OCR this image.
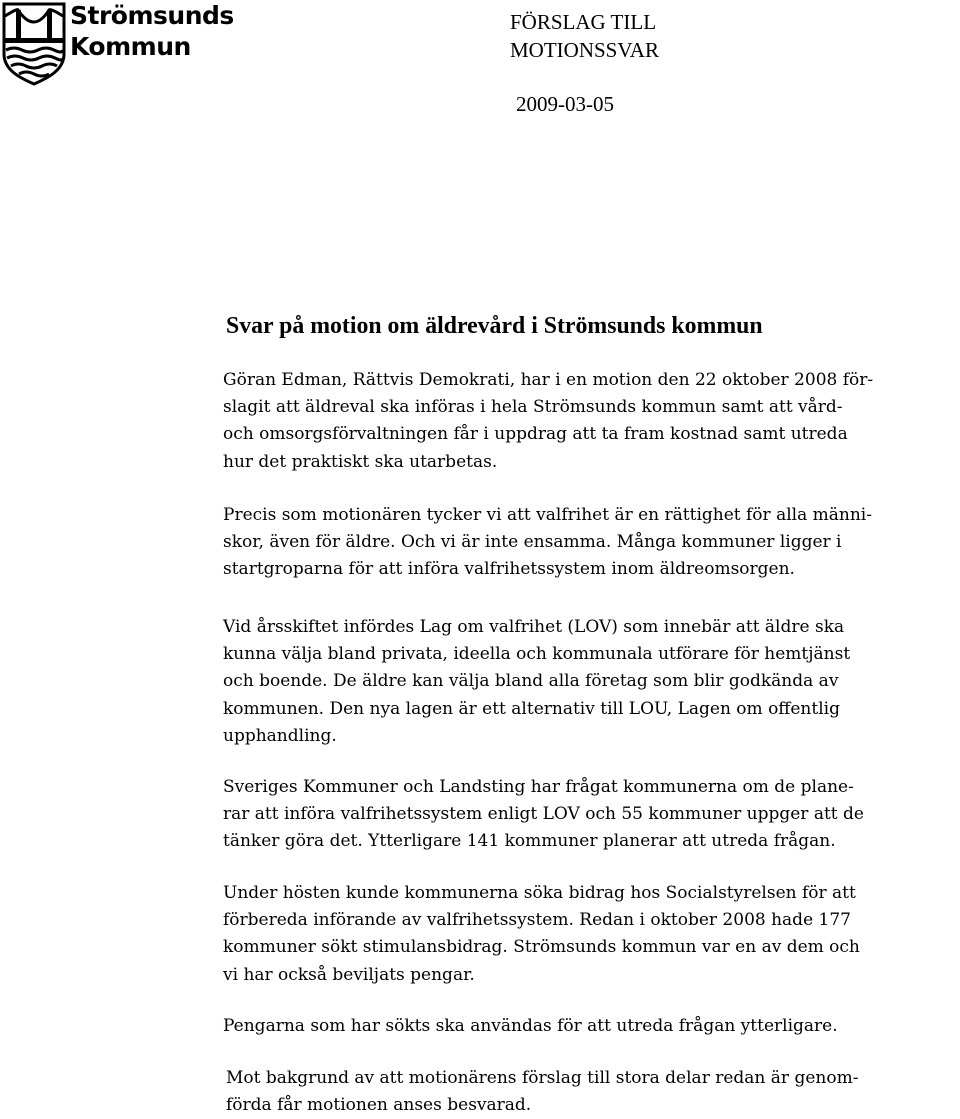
Strömsunds
Kommun
FÖRSLAG TILL
MOTIONSSVAR
2009-03-05
Svar på motion om äldrevård i Strömsunds kommun
Göran Edman, Rättvis Demokrati, har i en motion den 22 oktober 2008 för-
slagit att äldreval ska införas i hela Strömsunds kommun samt att vård-
och omsorgsförvaltningen får i uppdrag att ta fram kostnad samt utreda
hur det praktiskt ska utarbetas.
Precis som motionären tycker vi att valfrihet är en rättighet för alla männi-
skor, även för äldre. Och vi är inte ensamma. Många kommuner ligger i
startgroparna för att införa valfrihetssystem inom äldreomsorgen.
Vid årsskiftet infördes Lag om valfrihet (LOV) som innebär att äldre ska
kunna välja bland privata, ideella och kommunala utförare för hemtjänst
och boende. De äldre kan välja bland alla företag som blir godkända av
kommunen. Den nya lagen är ett alternativ till LOU, Lagen om offentlig
upphandling.
Sveriges Kommuner och Landsting har frågat kommunerna om de plane-
rar att införa valfrihetssystem enligt LOV och 55 kommuner uppger att de
tänker göra det. Ytterligare 141 kommuner planerar att utreda frågan.
Under hösten kunde kommunerna söka bidrag hos Socialstyrelsen för att
förbereda införande av valfrihetssystem. Redan i oktober 2008 hade 177
kommuner sökt stimulansbidrag. Strömsunds kommun var en av dem och
vi har också beviljats pengar.
Pengarna som har sökts ska användas för att utreda frågan ytterligare.
Mot bakgrund av att motionärens förslag till stora delar redan är genom-
förda får motionen anses besvarad.
